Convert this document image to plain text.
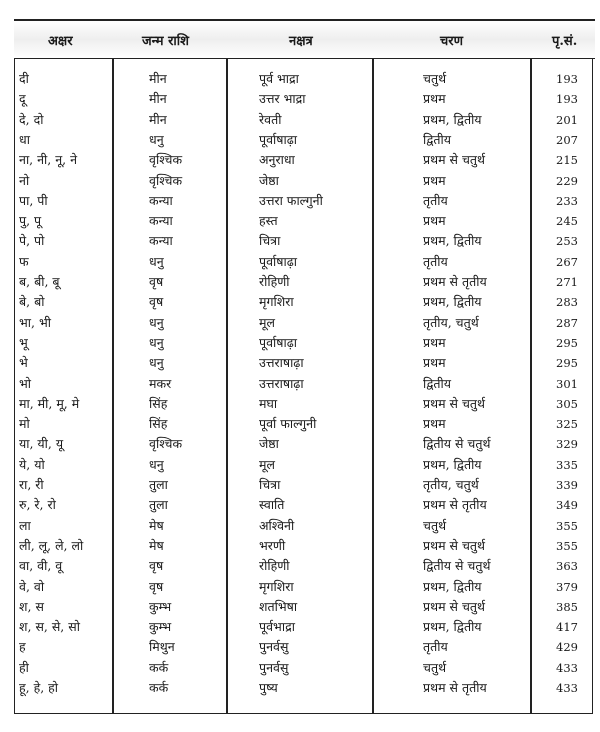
अक्षर	जन्म राशि	नक्षत्र	चरण	पृ.सं.
दी	मीन	पूर्व भाद्रा	चतुर्थ	193
दू	मीन	उत्तर भाद्रा	प्रथम	193
दे, दो	मीन	रेवती	प्रथम, द्वितीय	201
धा	धनु	पूर्वाषाढ़ा	द्वितीय	207
ना, नी, नू, ने	वृश्चिक	अनुराधा	प्रथम से चतुर्थ	215
नो	वृश्चिक	जेष्ठा	प्रथम	229
पा, पी	कन्या	उत्तरा फाल्गुनी	तृतीय	233
पु, पू	कन्या	हस्त	प्रथम	245
पे, पो	कन्या	चित्रा	प्रथम, द्वितीय	253
फ	धनु	पूर्वाषाढ़ा	तृतीय	267
ब, बी, बू	वृष	रोहिणी	प्रथम से तृतीय	271
बे, बो	वृष	मृगशिरा	प्रथम, द्वितीय	283
भा, भी	धनु	मूल	तृतीय, चतुर्थ	287
भू	धनु	पूर्वाषाढ़ा	प्रथम	295
भे	धनु	उत्तराषाढ़ा	प्रथम	295
भो	मकर	उत्तराषाढ़ा	द्वितीय	301
मा, मी, मू, मे	सिंह	मघा	प्रथम से चतुर्थ	305
मो	सिंह	पूर्वा फाल्गुनी	प्रथम	325
या, यी, यू	वृश्चिक	जेष्ठा	द्वितीय से चतुर्थ	329
ये, यो	धनु	मूल	प्रथम, द्वितीय	335
रा, री	तुला	चित्रा	तृतीय, चतुर्थ	339
रु, रे, रो	तुला	स्वाति	प्रथम से तृतीय	349
ला	मेष	अश्विनी	चतुर्थ	355
ली, लू, ले, लो	मेष	भरणी	प्रथम से चतुर्थ	355
वा, वी, वू	वृष	रोहिणी	द्वितीय से चतुर्थ	363
वे, वो	वृष	मृगशिरा	प्रथम, द्वितीय	379
श, स	कुम्भ	शतभिषा	प्रथम से चतुर्थ	385
श, स, से, सो	कुम्भ	पूर्वभाद्रा	प्रथम, द्वितीय	417
ह	मिथुन	पुनर्वसु	तृतीय	429
ही	कर्क	पुनर्वसु	चतुर्थ	433
हू, हे, हो	कर्क	पुष्य	प्रथम से तृतीय	433
